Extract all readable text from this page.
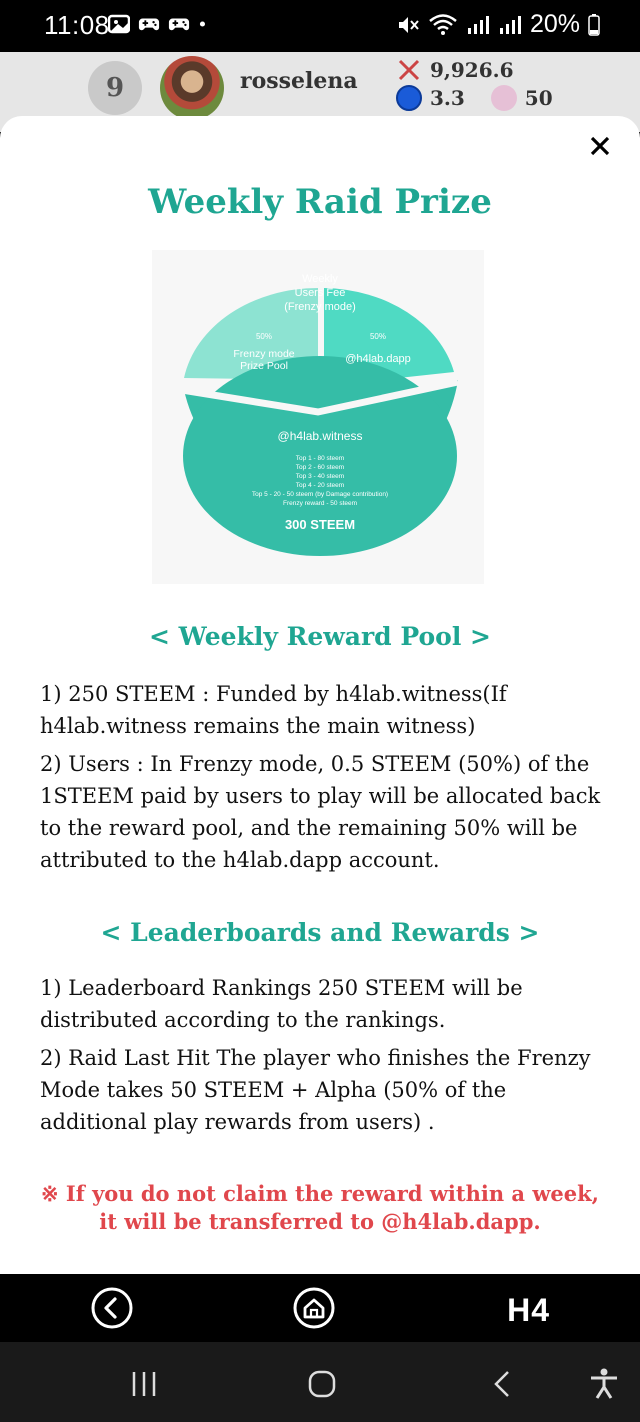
11:08	20%
9	rosselena	9,926.6
3.3	50
Weekly Raid Prize
Weekly
Users Fee
(Frenzy mode)
50%
Frenzy mode
Prize Pool
50%
@h4lab.dapp
@h4lab.witness
Top 1 - 80 steem
Top 2 - 60 steem
Top 3 - 40 steem
Top 4 - 20 steem
Top 5 - 20 - 50 steem (by Damage contribution)
Frenzy reward - 50 steem
300 STEEM
< Weekly Reward Pool >
1) 250 STEEM : Funded by h4lab.witness(If h4lab.witness remains the main witness)
2) Users : In Frenzy mode, 0.5 STEEM (50%) of the 1STEEM paid by users to play will be allocated back to the reward pool, and the remaining 50% will be attributed to the h4lab.dapp account.
< Leaderboards and Rewards >
1) Leaderboard Rankings 250 STEEM will be distributed according to the rankings.
2) Raid Last Hit The player who finishes the Frenzy Mode takes 50 STEEM + Alpha (50% of the additional play rewards from users) .
※ If you do not claim the reward within a week,
it will be transferred to @h4lab.dapp.
H4
